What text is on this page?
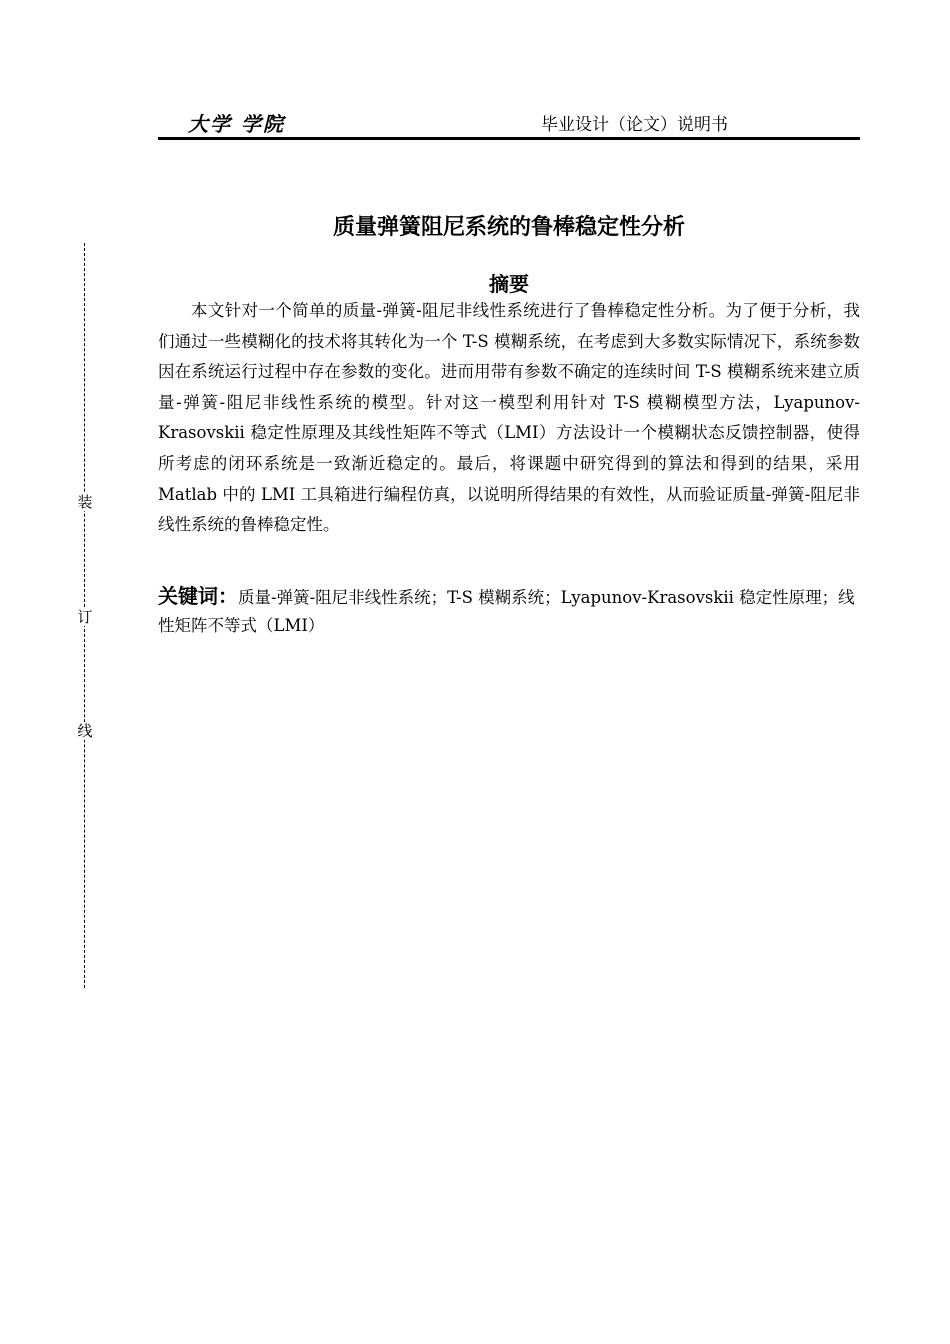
大学 学院	毕业设计（论文）说明书
装
订
线
质量弹簧阻尼系统的鲁棒稳定性分析
摘要

本文针对一个简单的质量-弹簧-阻尼非线性系统进行了鲁棒稳定性分析。为了便于分析，我们通过一些模糊化的技术将其转化为一个 T-S 模糊系统，在考虑到大多数实际情况下，系统参数因在系统运行过程中存在参数的变化。进而用带有参数不确定的连续时间 T-S 模糊系统来建立质量-弹簧-阻尼非线性系统的模型。针对这一模型利用针对 T-S 模糊模型方法，Lyapunov-Krasovskii 稳定性原理及其线性矩阵不等式（LMI）方法设计一个模糊状态反馈控制器，使得所考虑的闭环系统是一致渐近稳定的。最后，将课题中研究得到的算法和得到的结果，采用 Matlab 中的 LMI 工具箱进行编程仿真，以说明所得结果的有效性，从而验证质量-弹簧-阻尼非线性系统的鲁棒稳定性。

关键词：质量-弹簧-阻尼非线性系统；T-S 模糊系统；Lyapunov-Krasovskii 稳定性原理；线性矩阵不等式（LMI）
